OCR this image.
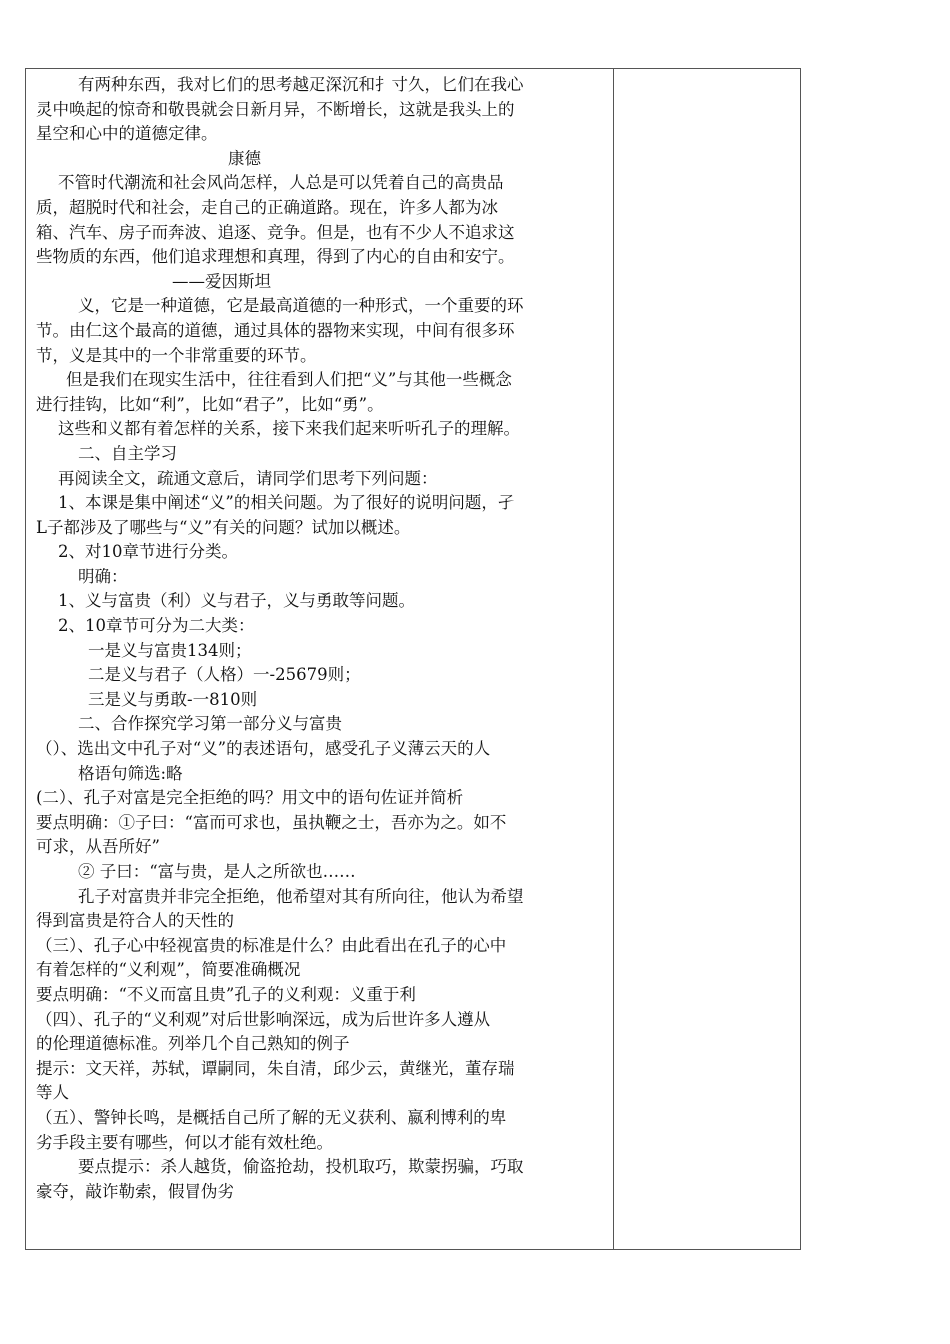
有两种东西，我对匕们的思考越疋深沉和扌寸久，匕们在我心

灵中唤起的惊奇和敬畏就会日新月异，不断增长，这就是我头上的

星空和心中的道德定律。

康德

不管时代潮流和社会风尚怎样，人总是可以凭着自己的高贵品

质，超脱时代和社会，走自己的正确道路。现在，许多人都为冰

箱、汽车、房子而奔波、追逐、竞争。但是，也有不少人不追求这

些物质的东西，他们追求理想和真理，得到了内心的自由和安宁。

——爱因斯坦

义，它是一种道德，它是最高道德的一种形式，一个重要的环

节。由仁这个最高的道德，通过具体的器物来实现，中间有很多环

节，义是其中的一个非常重要的环节。

但是我们在现实生活中，往往看到人们把“义”与其他一些概念

进行挂钩，比如“利”，比如“君子”，比如“勇”。

这些和义都有着怎样的关系，接下来我们起来听听孔子的理解。

二、自主学习

再阅读全文，疏通文意后，请同学们思考下列问题：

1、本课是集中阐述“义”的相关问题。为了很好的说明问题，孑

L子都涉及了哪些与“义”有关的问题？试加以概述。

2、对10章节进行分类。

明确：

1、义与富贵（利）义与君子，义与勇敢等问题。

2、10章节可分为二大类：

一是义与富贵134则；

二是义与君子（人格）一-25679则；

三是义与勇敢-一810则

二、合作探究学习第一部分义与富贵

（）、选出文中孔子对“义”的表述语句，感受孔子义薄云天的人

格语句筛选:略

(二）、孔子对富是完全拒绝的吗？用文中的语句佐证并简析

要点明确：①子曰：“富而可求也，虽执鞭之士，吾亦为之。如不

可求，从吾所好”

② 子曰：“富与贵，是人之所欲也……

孔子对富贵并非完全拒绝，他希望对其有所向往，他认为希望

得到富贵是符合人的天性的

（三）、孔子心中轻视富贵的标准是什么？由此看出在孔子的心中

有着怎样的“义利观”，简要准确概况

要点明确：“不义而富且贵”孔子的义利观：义重于利

（四）、孔子的“义利观”对后世影响深远，成为后世许多人遵从

的伦理道德标准。列举几个自己熟知的例子

提示：文天祥，苏轼，谭嗣同，朱自清，邱少云，黄继光，董存瑞

等人

（五）、警钟长鸣，是概括自己所了解的无义获利、嬴利博利的卑

劣手段主要有哪些，何以才能有效杜绝。

要点提示：杀人越货，偷盗抢劫，投机取巧，欺蒙拐骗，巧取

豪夺，敲诈勒索，假冒伪劣
